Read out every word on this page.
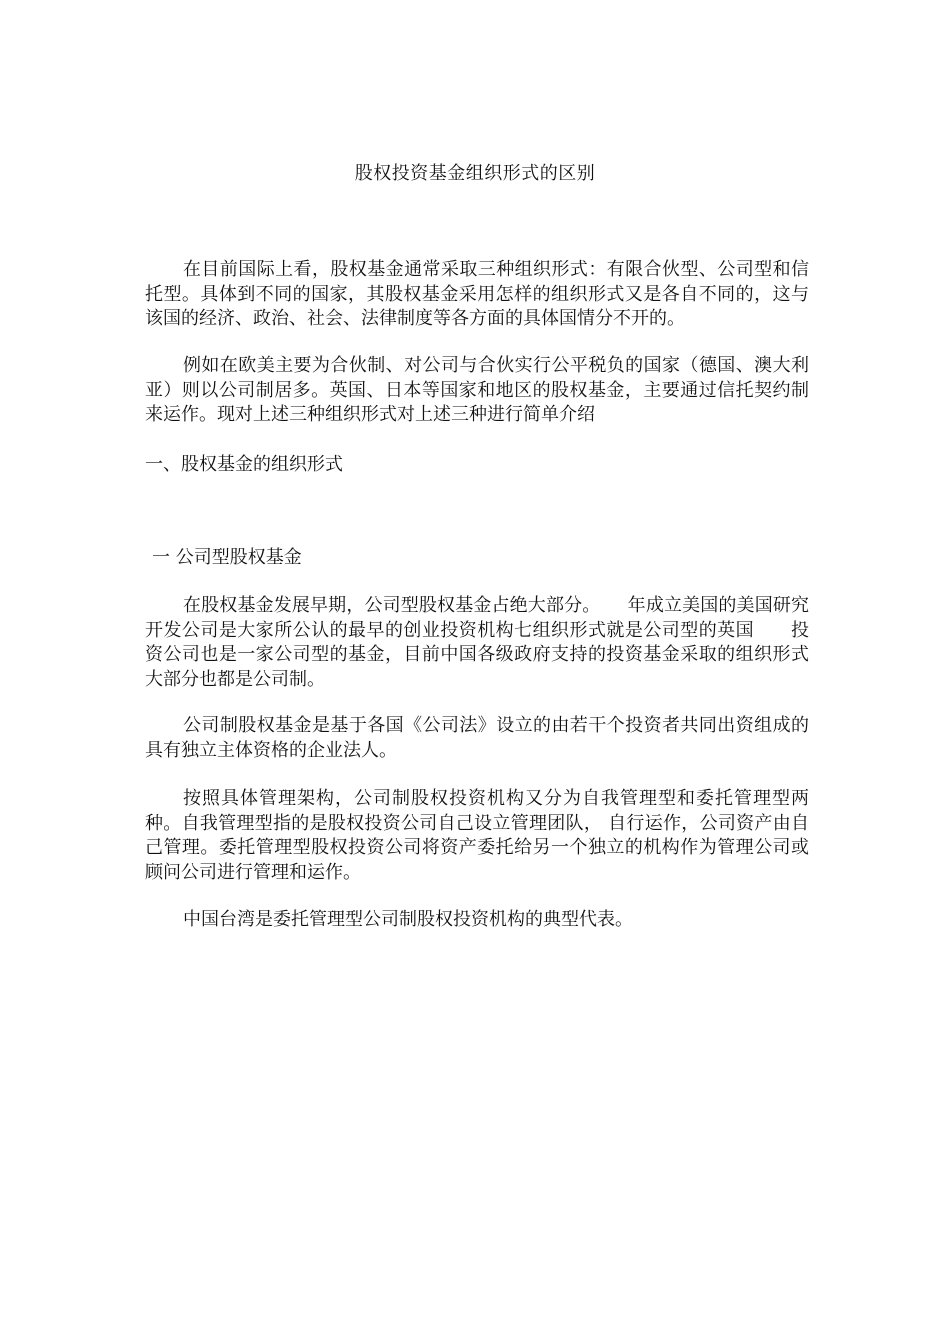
股权投资基金组织形式的区别

在目前国际上看，股权基金通常采取三种组织形式：有限合伙型、公司型和信托型。具体到不同的国家，其股权基金采用怎样的组织形式又是各自不同的，这与该国的经济、政治、社会、法律制度等各方面的具体国情分不开的。

例如在欧美主要为合伙制、对公司与合伙实行公平税负的国家（德国、澳大利亚）则以公司制居多。英国、日本等国家和地区的股权基金，主要通过信托契约制来运作。现对上述三种组织形式对上述三种进行简单介绍

一、股权基金的组织形式

一 公司型股权基金

在股权基金发展早期，公司型股权基金占绝大部分。　　年成立美国的美国研究开发公司是大家所公认的最早的创业投资机构七组织形式就是公司型的英国　　投资公司也是一家公司型的基金，目前中国各级政府支持的投资基金采取的组织形式大部分也都是公司制。

公司制股权基金是基于各国《公司法》设立的由若干个投资者共同出资组成的具有独立主体资格的企业法人。

按照具体管理架构，公司制股权投资机构又分为自我管理型和委托管理型两种。自我管理型指的是股权投资公司自己设立管理团队， 自行运作，公司资产由自己管理。委托管理型股权投资公司将资产委托给另一个独立的机构作为管理公司或顾问公司进行管理和运作。

中国台湾是委托管理型公司制股权投资机构的典型代表。
